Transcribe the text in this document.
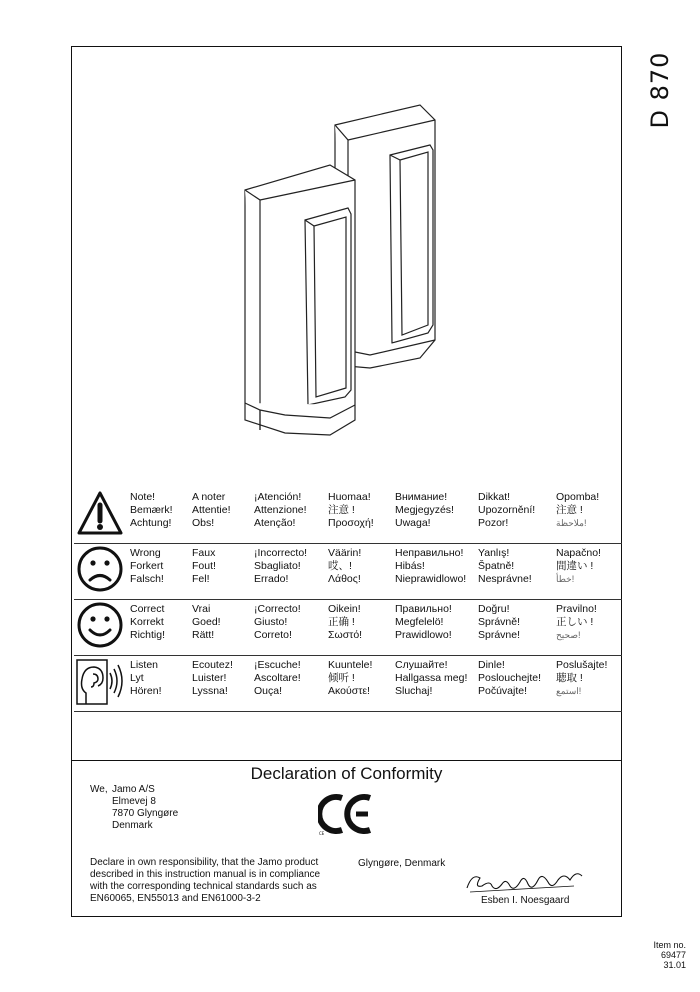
D 870
Note!
Bemærk!
Achtung!
A noter
Attentie!
Obs!
¡Atención!
Attenzione!
Atenção!
Huomaa!
注意 !
Προσοχή!
Внимание!
Megjegyzés!
Uwaga!
Dikkat!
Upozornění!
Pozor!
Opomba!
注意 !
ملاحظة!
Wrong
Forkert
Falsch!
Faux
Fout!
Fel!
¡Incorrecto!
Sbagliato!
Errado!
Väärin!
哎、!
Λάθος!
Неправильно!
Hibás!
Nieprawidlowo!
Yanlış!
Špatně!
Nesprávne!
Napačno!
間違い !
خطأ!
Correct
Korrekt
Richtig!
Vrai
Goed!
Rätt!
¡Correcto!
Giusto!
Correto!
Oikein!
正确 !
Σωστό!
Правильно!
Megfelelö!
Prawidlowo!
Doğru!
Správně!
Správne!
Pravilno!
正しい !
صحيح!
Listen
Lyt
Hören!
Ecoutez!
Luister!
Lyssna!
¡Escuche!
Ascoltare!
Ouça!
Kuuntele!
倾听 !
Ακούστε!
Слушайте!
Hallgassa meg!
Sluchaj!
Dinle!
Poslouchejte!
Počúvajte!
Poslušajte!
聴取 !
استمع!
Declaration of Conformity
We, Jamo A/S
Elmevej 8
7870 Glyngøre
Denmark
CE
Declare in own responsibility, that the Jamo product described in this instruction manual is in compliance with the corresponding technical standards such as EN60065, EN55013 and EN61000-3-2
Glyngøre, Denmark
Esben I. Noesgaard
Item no.
69477
31.01
